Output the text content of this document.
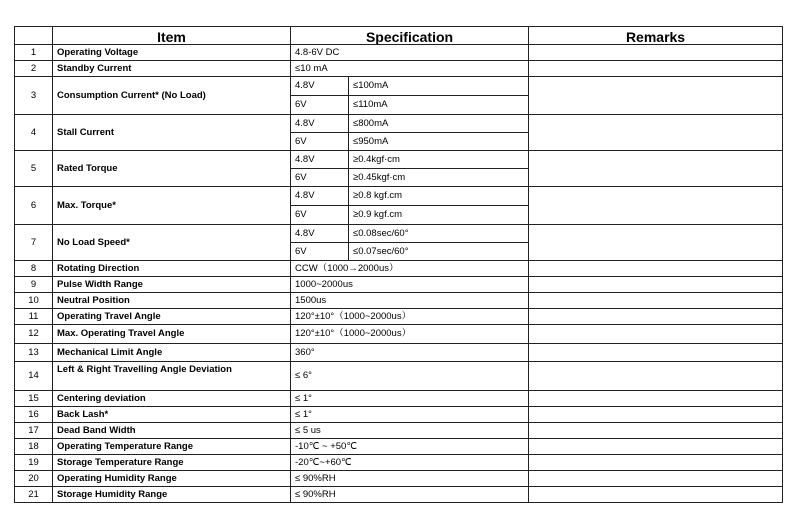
	Item	Specification		Remarks
1	Operating Voltage	4.8-6V DC		
2	Standby Current	≤10 mA		
3	Consumption Current* (No Load)	4.8V	≤100mA	
		6V	≤110mA	
4	Stall Current	4.8V	≤800mA	
		6V	≤950mA	
5	Rated Torque	4.8V	≥0.4kgf·cm	
		6V	≥0.45kgf·cm	
6	Max. Torque*	4.8V	≥0.8 kgf.cm	
		6V	≥0.9 kgf.cm	
7	No Load Speed*	4.8V	≤0.08sec/60°	
		6V	≤0.07sec/60°	
8	Rotating Direction	CCW（1000→2000us）		
9	Pulse Width Range	1000~2000us		
10	Neutral Position	1500us		
11	Operating Travel Angle	120°±10°（1000~2000us）		
12	Max. Operating Travel Angle	120°±10°（1000~2000us）		
13	Mechanical Limit Angle	360°		
14	Left & Right Travelling Angle Deviation	≤ 6°		
15	Centering deviation	≤ 1°		
16	Back Lash*	≤ 1°		
17	Dead Band Width	≤ 5 us		
18	Operating Temperature Range	-10℃ ~ +50℃		
19	Storage Temperature Range	-20℃~+60℃		
20	Operating Humidity Range	≤ 90%RH		
21	Storage Humidity Range	≤ 90%RH		
